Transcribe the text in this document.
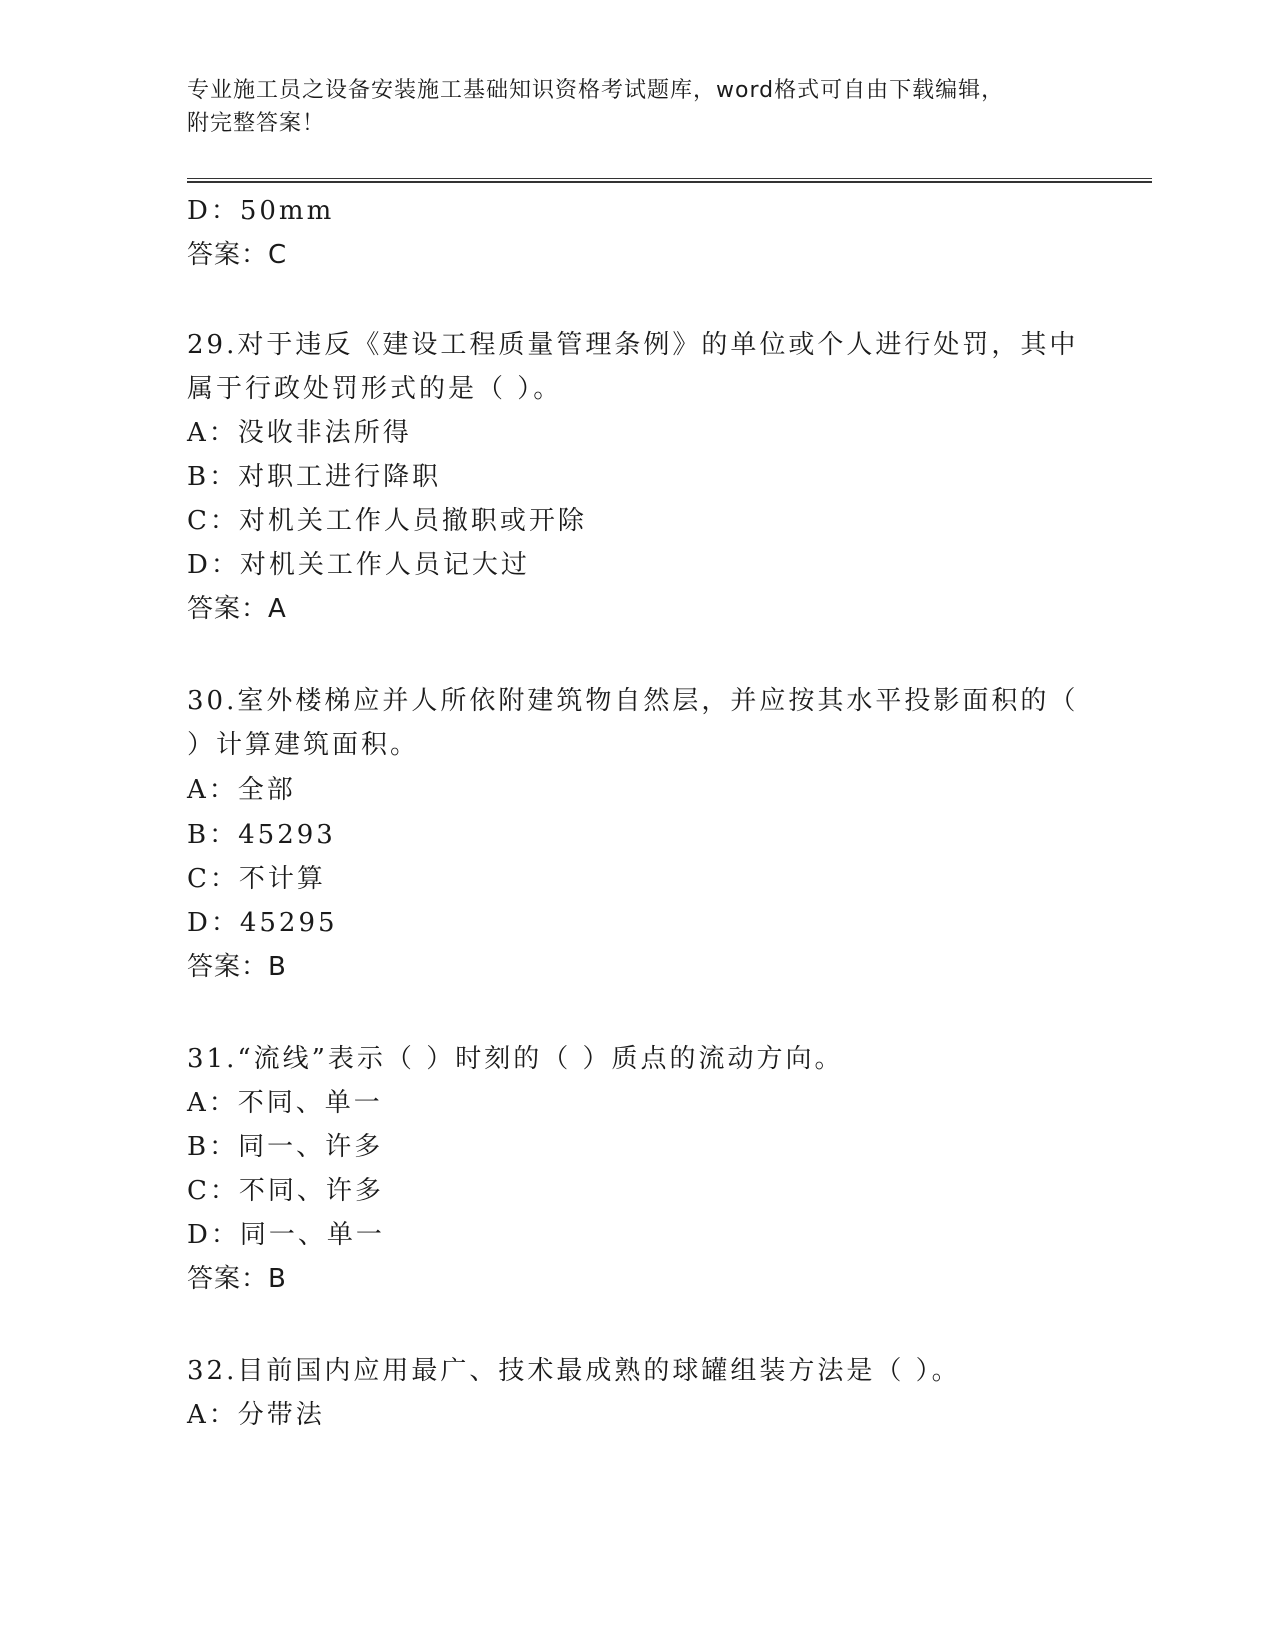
专业施工员之设备安装施工基础知识资格考试题库，word格式可自由下载编辑，
附完整答案！
D：50mm
答案：C
29.对于违反《建设工程质量管理条例》的单位或个人进行处罚，其中
属于行政处罚形式的是（ ）。
A：没收非法所得
B：对职工进行降职
C：对机关工作人员撤职或开除
D：对机关工作人员记大过
答案：A
30.室外楼梯应并人所依附建筑物自然层，并应按其水平投影面积的（
）计算建筑面积。
A：全部
B：45293
C：不计算
D：45295
答案：B
31.“流线”表示（ ）时刻的（ ）质点的流动方向。
A：不同、单一
B：同一、许多
C：不同、许多
D：同一、单一
答案：B
32.目前国内应用最广、技术最成熟的球罐组装方法是（ ）。
A：分带法
